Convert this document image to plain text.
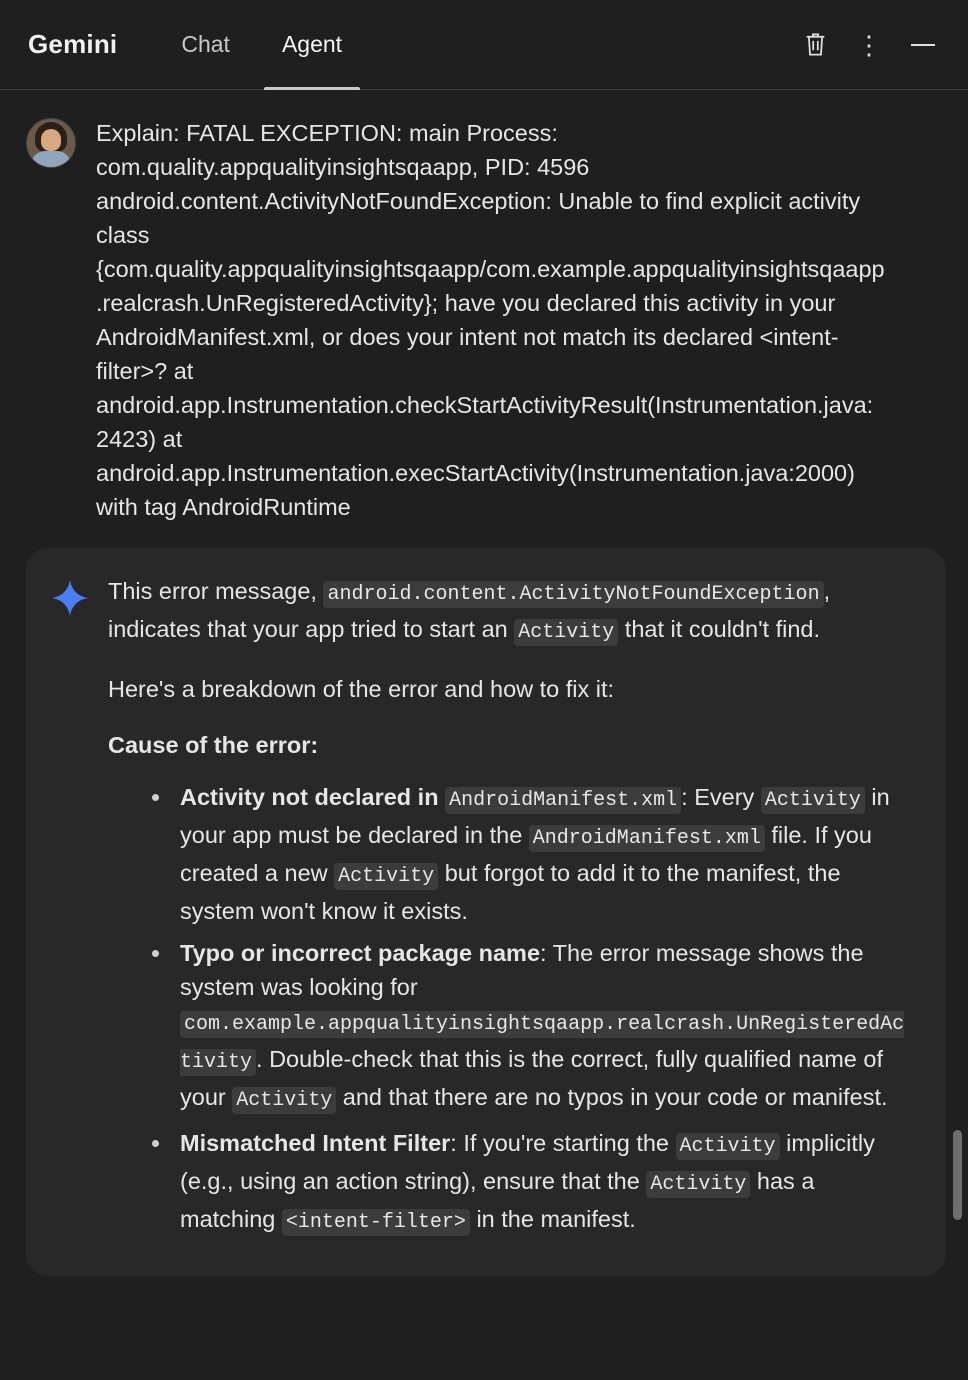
Gemini	Chat	Agent	⋮
Explain: FATAL EXCEPTION: main Process: com.quality.appqualityinsightsqaapp, PID: 4596 android.content.ActivityNotFoundException: Unable to find explicit activity class {com.quality.appqualityinsightsqaapp/com.example.appqualityinsightsqaapp.realcrash.UnRegisteredActivity}; have you declared this activity in your AndroidManifest.xml, or does your intent not match its declared <intent-filter>? at android.app.Instrumentation.checkStartActivityResult(Instrumentation.java:2423) at android.app.Instrumentation.execStartActivity(Instrumentation.java:2000) with tag AndroidRuntime

This error message, android.content.ActivityNotFoundException , indicates that your app tried to start an Activity that it couldn't find.

Here's a breakdown of the error and how to fix it:

Cause of the error:

Activity not declared in AndroidManifest.xml : Every Activity in your app must be declared in the AndroidManifest.xml file. If you created a new Activity but forgot to add it to the manifest, the system won't know it exists.
Typo or incorrect package name: The error message shows the system was looking for com.example.appqualityinsightsqaapp.realcrash.UnRegisteredActivity . Double-check that this is the correct, fully qualified name of your Activity and that there are no typos in your code or manifest.
Mismatched Intent Filter: If you're starting the Activity implicitly (e.g., using an action string), ensure that the Activity has a matching <intent-filter> in the manifest.
